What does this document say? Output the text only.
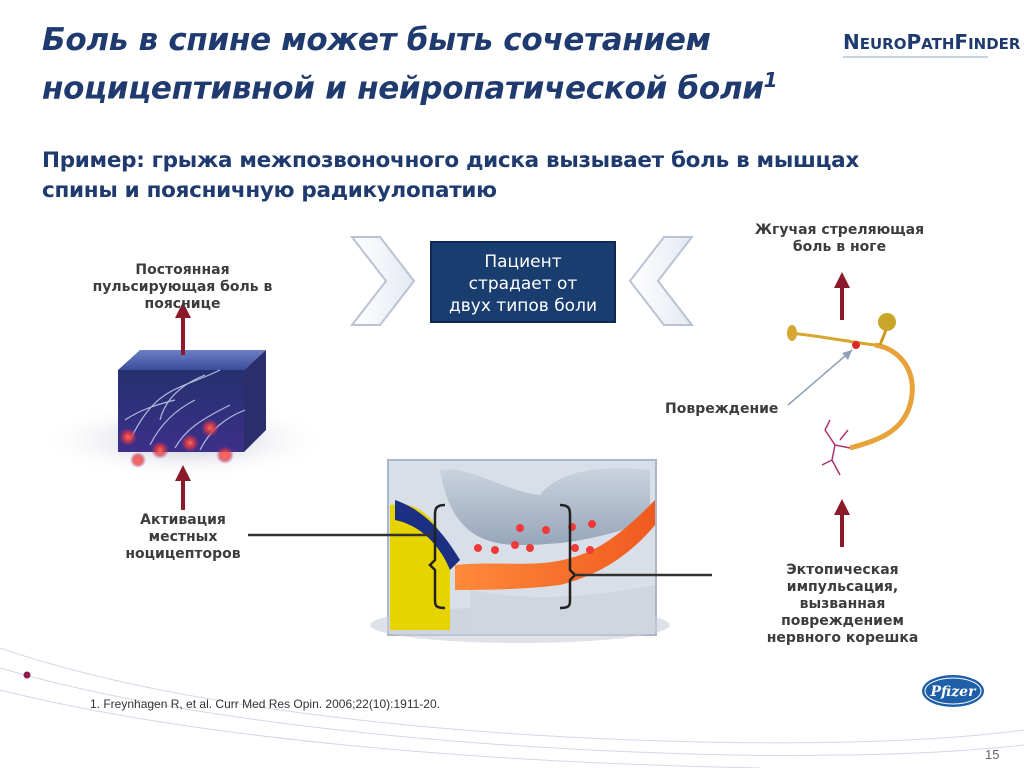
Боль в спине может быть сочетанием
ноцицептивной и нейропатической боли$^1$
NEUROPATHFINDER
Пример: грыжа межпозвоночного диска вызывает боль в мышцах
спины и поясничную радикулопатию
Пациент
страдает от
двух типов боли
Постоянная
пульсирующая боль в
пояснице
Активация
местных
ноцицепторов
Жгучая стреляющая
боль в ноге
Повреждение
Эктопическая
импульсация,
вызванная
повреждением
нервного корешка
1. Freynhagen R, et al. Curr Med Res Opin. 2006;22(10):1911-20.
Pfizer
15
